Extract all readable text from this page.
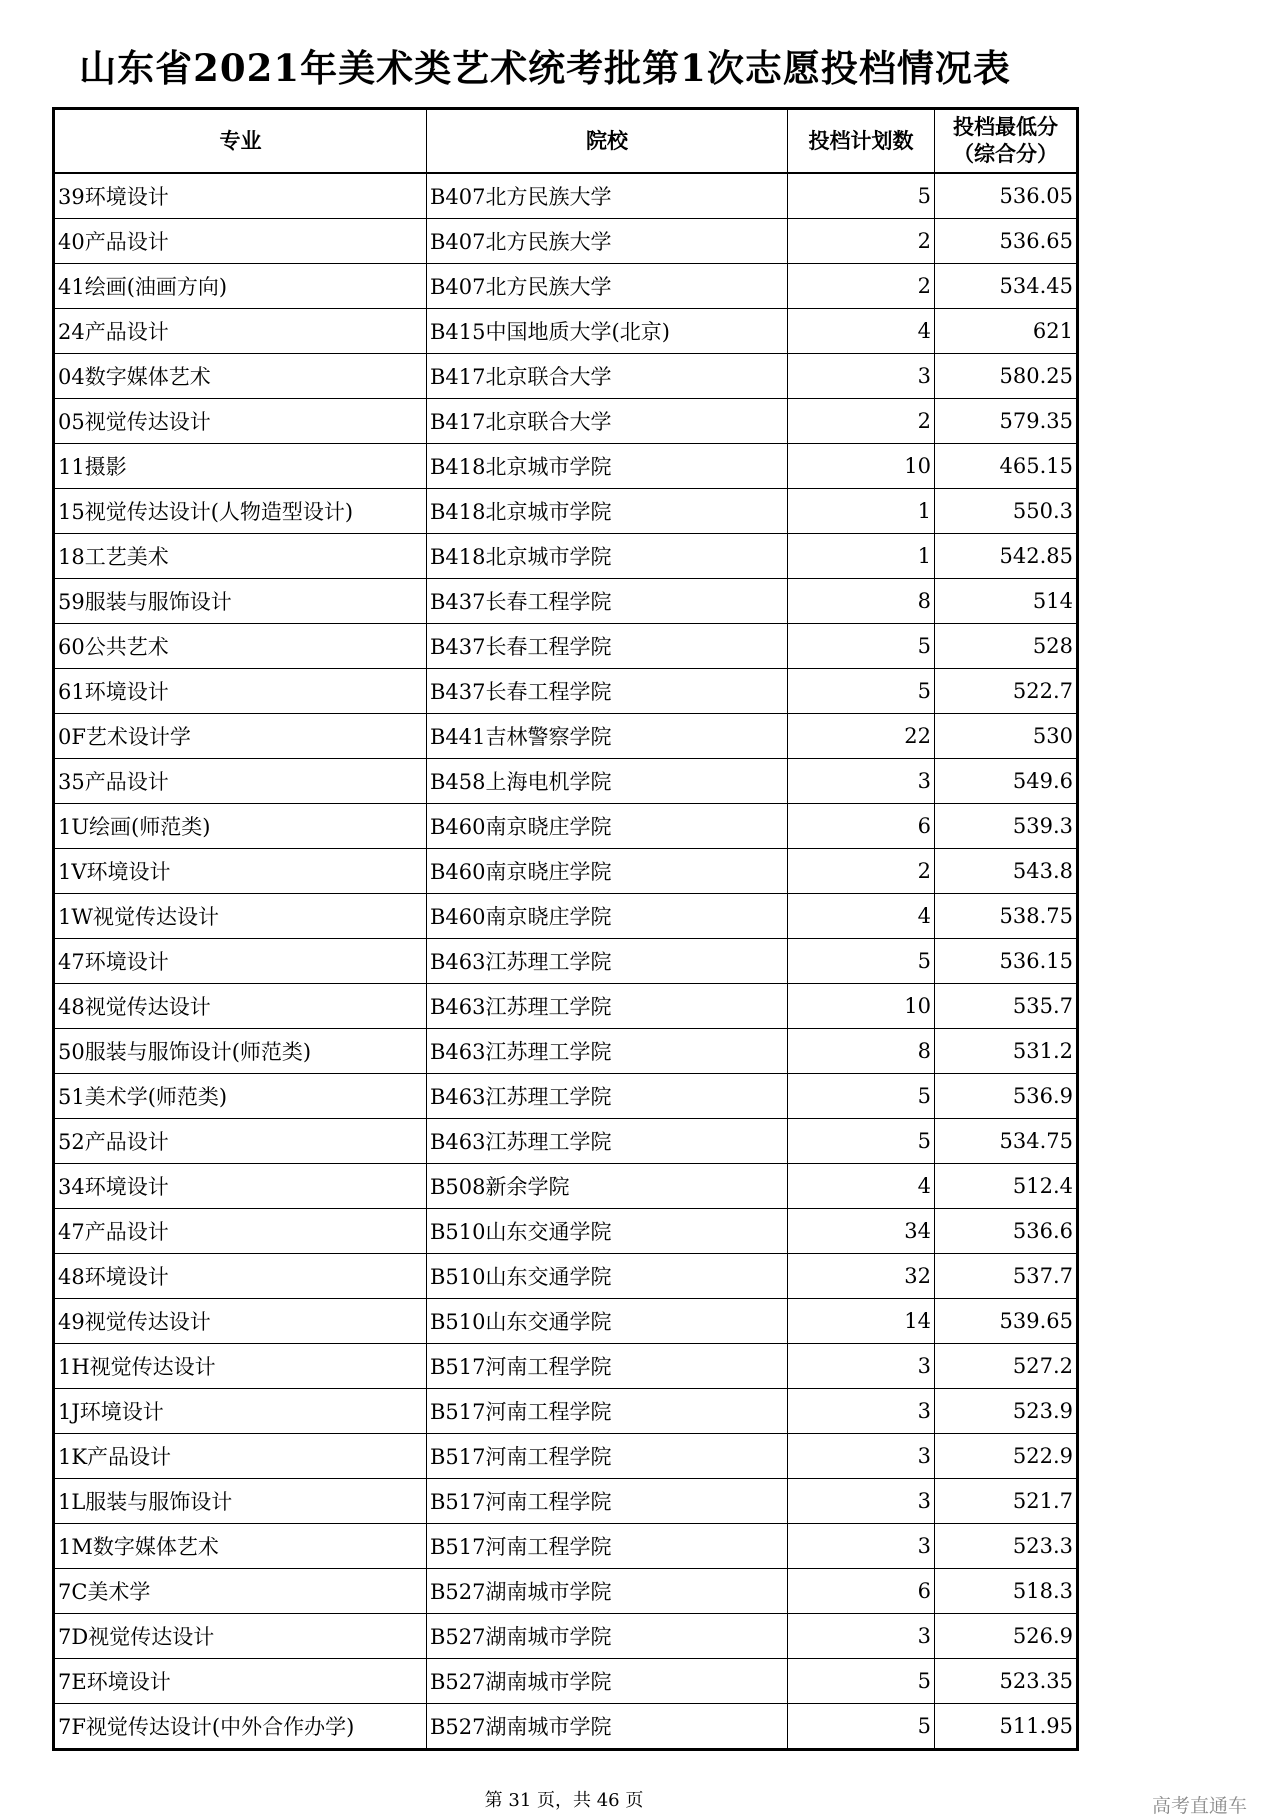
山东省2021年美术类艺术统考批第1次志愿投档情况表
专业	院校	投档计划数	投档最低分
（综合分）

39环境设计	B407北方民族大学	5	536.05
40产品设计	B407北方民族大学	2	536.65
41绘画(油画方向)	B407北方民族大学	2	534.45
24产品设计	B415中国地质大学(北京)	4	621
04数字媒体艺术	B417北京联合大学	3	580.25
05视觉传达设计	B417北京联合大学	2	579.35
11摄影	B418北京城市学院	10	465.15
15视觉传达设计(人物造型设计)	B418北京城市学院	1	550.3
18工艺美术	B418北京城市学院	1	542.85
59服装与服饰设计	B437长春工程学院	8	514
60公共艺术	B437长春工程学院	5	528
61环境设计	B437长春工程学院	5	522.7
0F艺术设计学	B441吉林警察学院	22	530
35产品设计	B458上海电机学院	3	549.6
1U绘画(师范类)	B460南京晓庄学院	6	539.3
1V环境设计	B460南京晓庄学院	2	543.8
1W视觉传达设计	B460南京晓庄学院	4	538.75
47环境设计	B463江苏理工学院	5	536.15
48视觉传达设计	B463江苏理工学院	10	535.7
50服装与服饰设计(师范类)	B463江苏理工学院	8	531.2
51美术学(师范类)	B463江苏理工学院	5	536.9
52产品设计	B463江苏理工学院	5	534.75
34环境设计	B508新余学院	4	512.4
47产品设计	B510山东交通学院	34	536.6
48环境设计	B510山东交通学院	32	537.7
49视觉传达设计	B510山东交通学院	14	539.65
1H视觉传达设计	B517河南工程学院	3	527.2
1J环境设计	B517河南工程学院	3	523.9
1K产品设计	B517河南工程学院	3	522.9
1L服装与服饰设计	B517河南工程学院	3	521.7
1M数字媒体艺术	B517河南工程学院	3	523.3
7C美术学	B527湖南城市学院	6	518.3
7D视觉传达设计	B527湖南城市学院	3	526.9
7E环境设计	B527湖南城市学院	5	523.35
7F视觉传达设计(中外合作办学)	B527湖南城市学院	5	511.95
第 31 页，共 46 页	高考直通车
